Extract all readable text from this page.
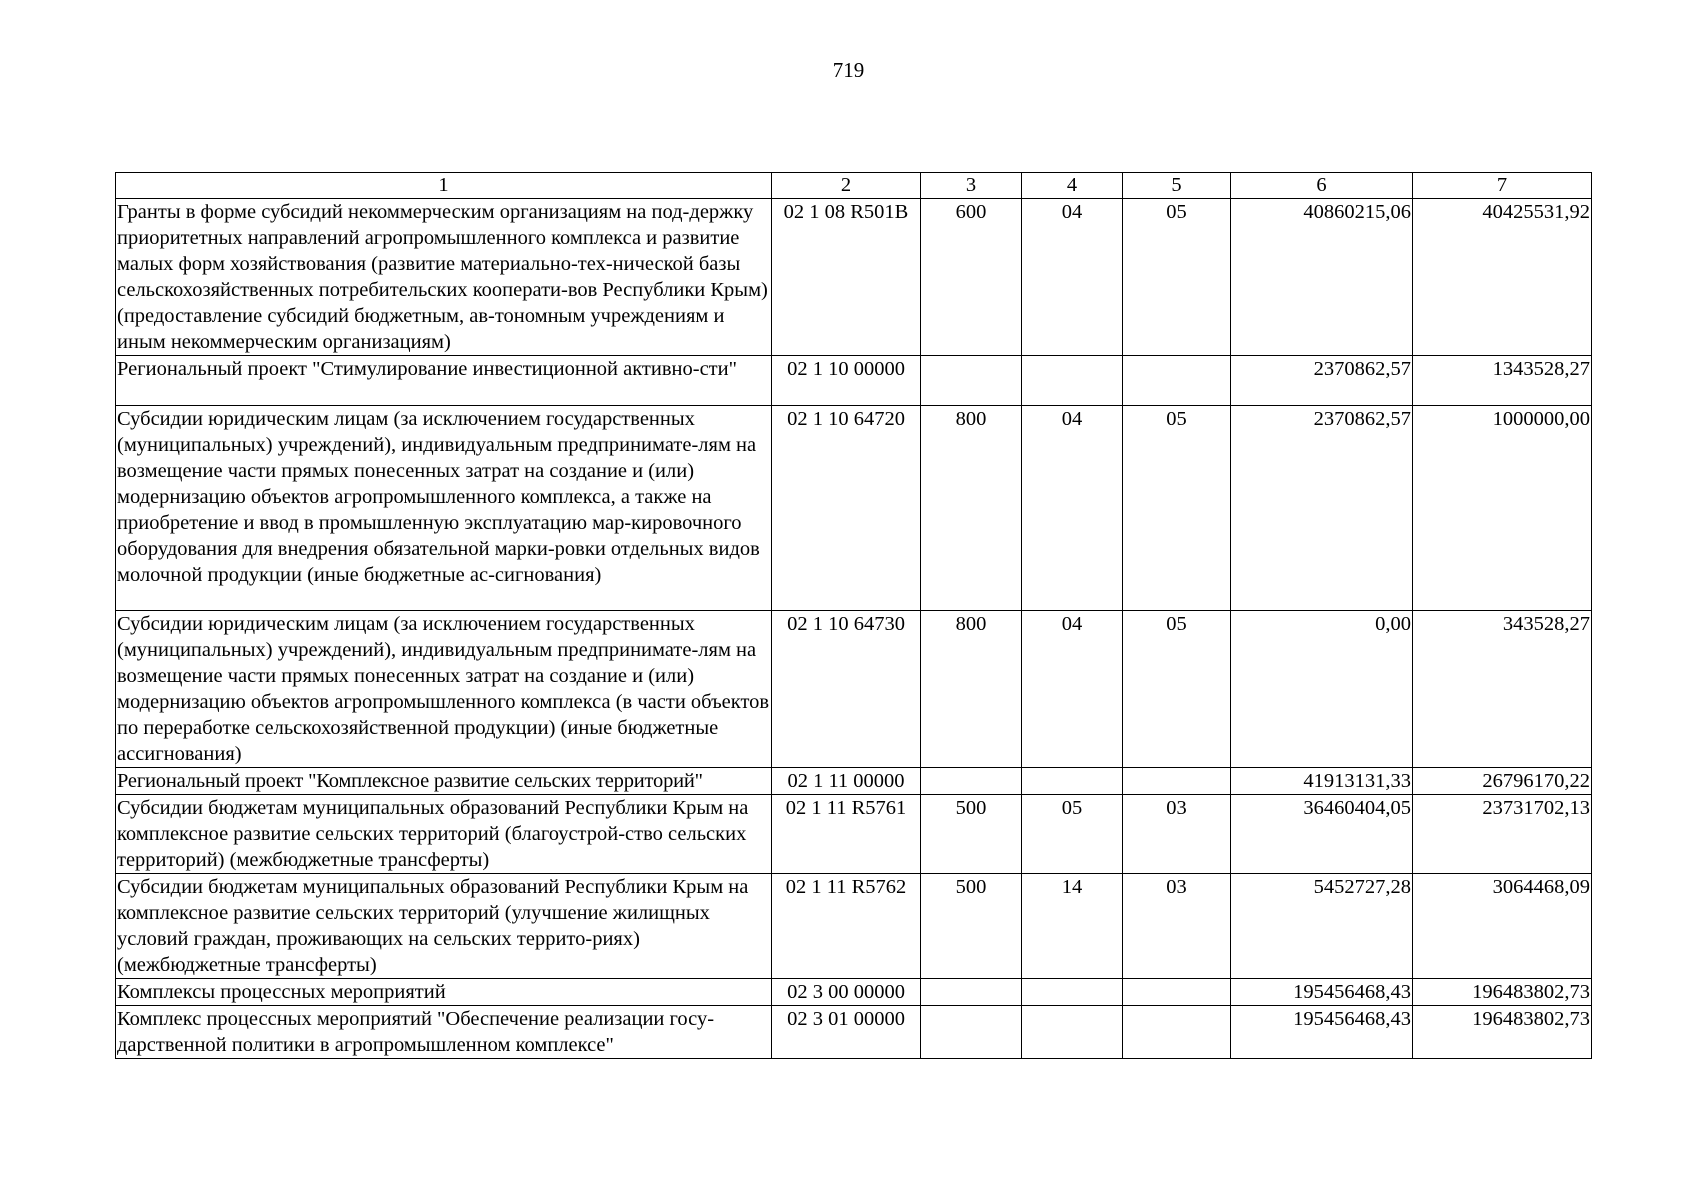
719
1	2	3	4	5	6	7
Гранты в форме субсидий некоммерческим организациям на под-держку приоритетных направлений агропромышленного комплекса и развитие малых форм хозяйствования (развитие материально-тех-нической базы сельскохозяйственных потребительских кооперати-вов Республики Крым) (предоставление субсидий бюджетным, ав-тономным учреждениям и иным некоммерческим организациям)	02 1 08 R501В	600	04	05	40860215,06	40425531,92
Региональный проект "Стимулирование инвестиционной активно-сти"	02 1 10 00000				2370862,57	1343528,27
Субсидии юридическим лицам (за исключением государственных (муниципальных) учреждений), индивидуальным предпринимате-лям на возмещение части прямых понесенных затрат на создание и (или) модернизацию объектов агропромышленного комплекса, а также на приобретение и ввод в промышленную эксплуатацию мар-кировочного оборудования для внедрения обязательной марки-ровки отдельных видов молочной продукции (иные бюджетные ас-сигнования)	02 1 10 64720	800	04	05	2370862,57	1000000,00
Субсидии юридическим лицам (за исключением государственных (муниципальных) учреждений), индивидуальным предпринимате-лям на возмещение части прямых понесенных затрат на создание и (или) модернизацию объектов агропромышленного комплекса (в части объектов по переработке сельскохозяйственной продукции) (иные бюджетные ассигнования)	02 1 10 64730	800	04	05	0,00	343528,27
Региональный проект "Комплексное развитие сельских территорий"	02 1 11 00000				41913131,33	26796170,22
Субсидии бюджетам муниципальных образований Республики Крым на комплексное развитие сельских территорий (благоустрой-ство сельских территорий) (межбюджетные трансферты)	02 1 11 R5761	500	05	03	36460404,05	23731702,13
Субсидии бюджетам муниципальных образований Республики Крым на комплексное развитие сельских территорий (улучшение жилищных условий граждан, проживающих на сельских террито-риях) (межбюджетные трансферты)	02 1 11 R5762	500	14	03	5452727,28	3064468,09
Комплексы процессных мероприятий	02 3 00 00000				195456468,43	196483802,73
Комплекс процессных мероприятий "Обеспечение реализации госу-дарственной политики в агропромышленном комплексе"	02 3 01 00000				195456468,43	196483802,73
